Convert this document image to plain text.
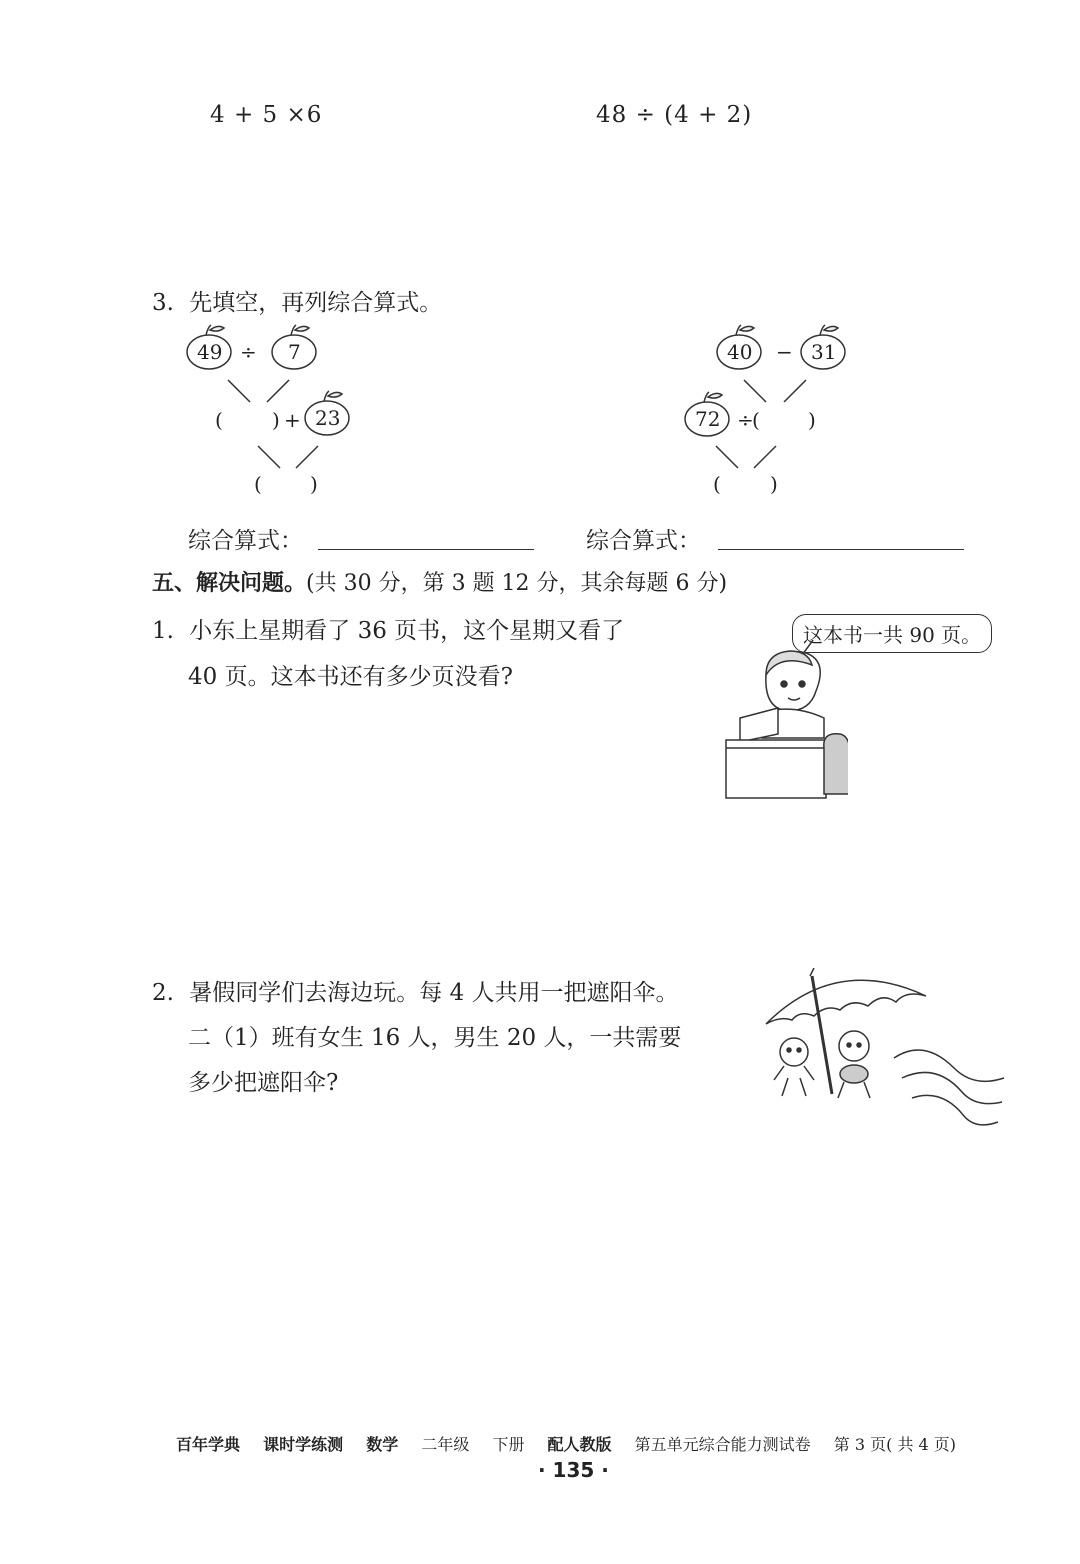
4 + 5 ×6	48 ÷ (4 + 2)
3. 先填空，再列综合算式。
49 ÷ 7
( ) + 23
( )
40 − 31
72 ÷
( )
( )
综合算式：	综合算式：
五、解决问题。(共 30 分，第 3 题 12 分，其余每题 6 分)
1. 小东上星期看了 36 页书，这个星期又看了
40 页。这本书还有多少页没看?
这本书一共 90 页。
2. 暑假同学们去海边玩。每 4 人共用一把遮阳伞。
二（1）班有女生 16 人，男生 20 人，一共需要
多少把遮阳伞?
百年学典 课时学练测 数学 二年级 下册 配人教版 第五单元综合能力测试卷 第 3 页( 共 4 页)
· 135 ·
